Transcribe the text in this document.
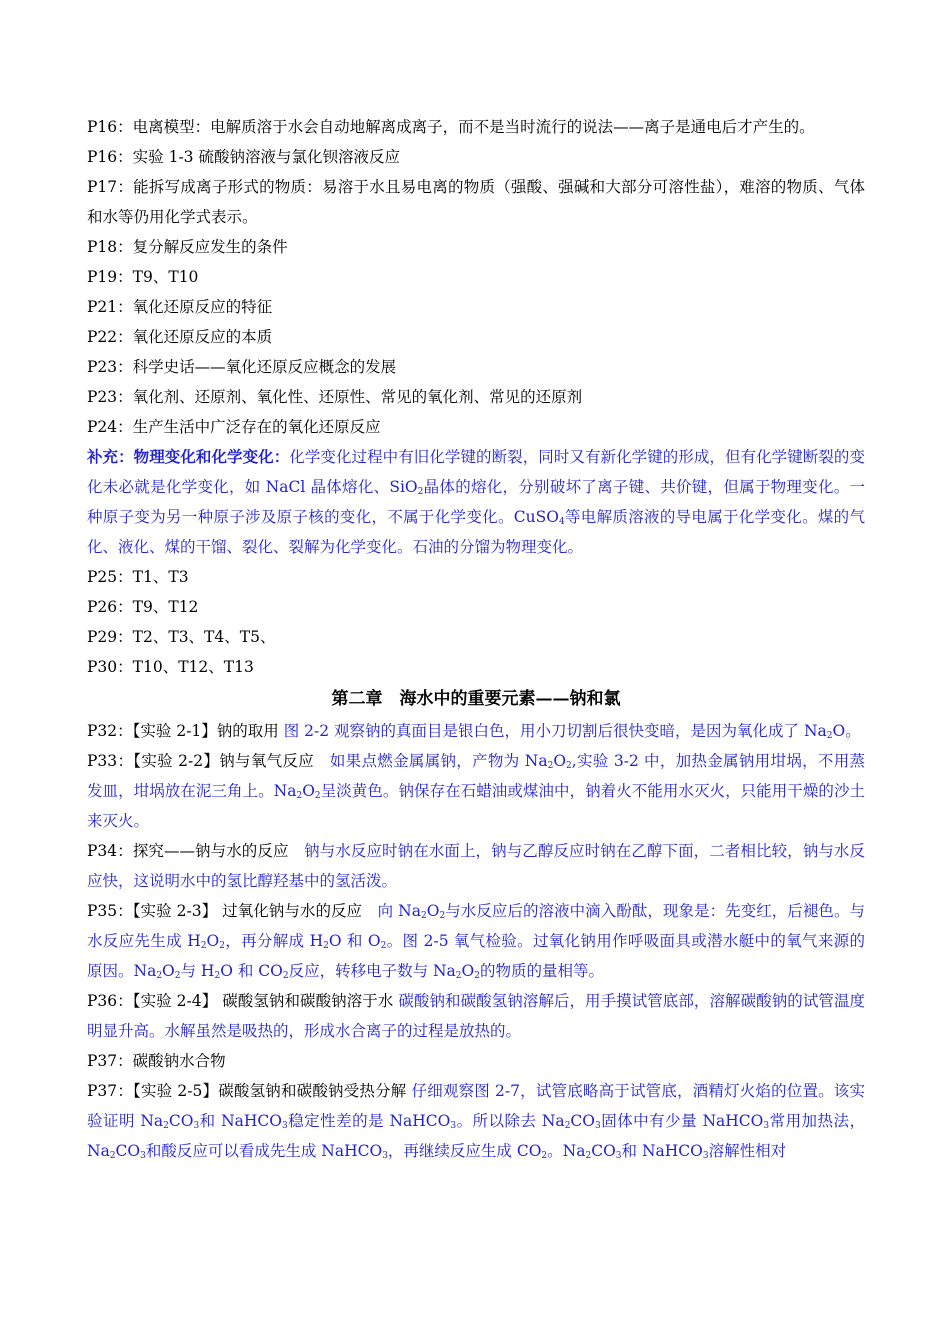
P16：电离模型：电解质溶于水会自动地解离成离子，而不是当时流行的说法——离子是通电后才产生的。

P16：实验 1-3 硫酸钠溶液与氯化钡溶液反应

P17：能拆写成离子形式的物质：易溶于水且易电离的物质（强酸、强碱和大部分可溶性盐），难溶的物质、气体和水等仍用化学式表示。

P18：复分解反应发生的条件

P19：T9、T10

P21：氧化还原反应的特征

P22：氧化还原反应的本质

P23：科学史话——氧化还原反应概念的发展

P23：氧化剂、还原剂、氧化性、还原性、常见的氧化剂、常见的还原剂

P24：生产生活中广泛存在的氧化还原反应

补充：物理变化和化学变化：化学变化过程中有旧化学键的断裂，同时又有新化学键的形成，但有化学键断裂的变化未必就是化学变化，如 NaCl 晶体熔化、SiO$_2$晶体的熔化，分别破坏了离子键、共价键，但属于物理变化。一种原子变为另一种原子涉及原子核的变化，不属于化学变化。CuSO$_4$等电解质溶液的导电属于化学变化。煤的气化、液化、煤的干馏、裂化、裂解为化学变化。石油的分馏为物理变化。

P25：T1、T3

P26：T9、T12

P29：T2、T3、T4、T5、

P30：T10、T12、T13

第二章　海水中的重要元素——钠和氯

P32：【实验 2-1】钠的取用 图 2-2 观察钠的真面目是银白色，用小刀切割后很快变暗，是因为氧化成了 $Na_2O$。

P33：【实验 2-2】钠与氧气反应　如果点燃金属属钠，产物为 $Na_2O_2$,实验 3-2 中，加热金属钠用坩埚，不用蒸发皿，坩埚放在泥三角上。$Na_2O_2$呈淡黄色。钠保存在石蜡油或煤油中，钠着火不能用水灭火，只能用干燥的沙土来灭火。

P34：探究——钠与水的反应　钠与水反应时钠在水面上，钠与乙醇反应时钠在乙醇下面，二者相比较，钠与水反应快，这说明水中的氢比醇羟基中的氢活泼。

P35：【实验 2-3】 过氧化钠与水的反应　向 $Na_2O_2$与水反应后的溶液中滴入酚酞，现象是：先变红，后褪色。与水反应先生成 $H_2O_2$，再分解成 $H_2O$ 和 $O_2$。图 2-5 氧气检验。过氧化钠用作呼吸面具或潜水艇中的氧气来源的原因。$Na_2O_2$与 $H_2O$ 和 $CO_2$反应，转移电子数与 $Na_2O_2$的物质的量相等。

P36：【实验 2-4】 碳酸氢钠和碳酸钠溶于水 碳酸钠和碳酸氢钠溶解后，用手摸试管底部，溶解碳酸钠的试管温度明显升高。水解虽然是吸热的，形成水合离子的过程是放热的。

P37：碳酸钠水合物

P37：【实验 2-5】碳酸氢钠和碳酸钠受热分解 仔细观察图 2-7，试管底略高于试管底，酒精灯火焰的位置。该实验证明 $Na_2CO_3$和 NaHCO$_3$稳定性差的是 NaHCO$_3$。所以除去 $Na_2CO_3$固体中有少量 NaHCO$_3$常用加热法，$Na_2CO_3$和酸反应可以看成先生成 NaHCO$_3$，再继续反应生成 $CO_2$。$Na_2CO_3$和 NaHCO$_3$溶解性相对
